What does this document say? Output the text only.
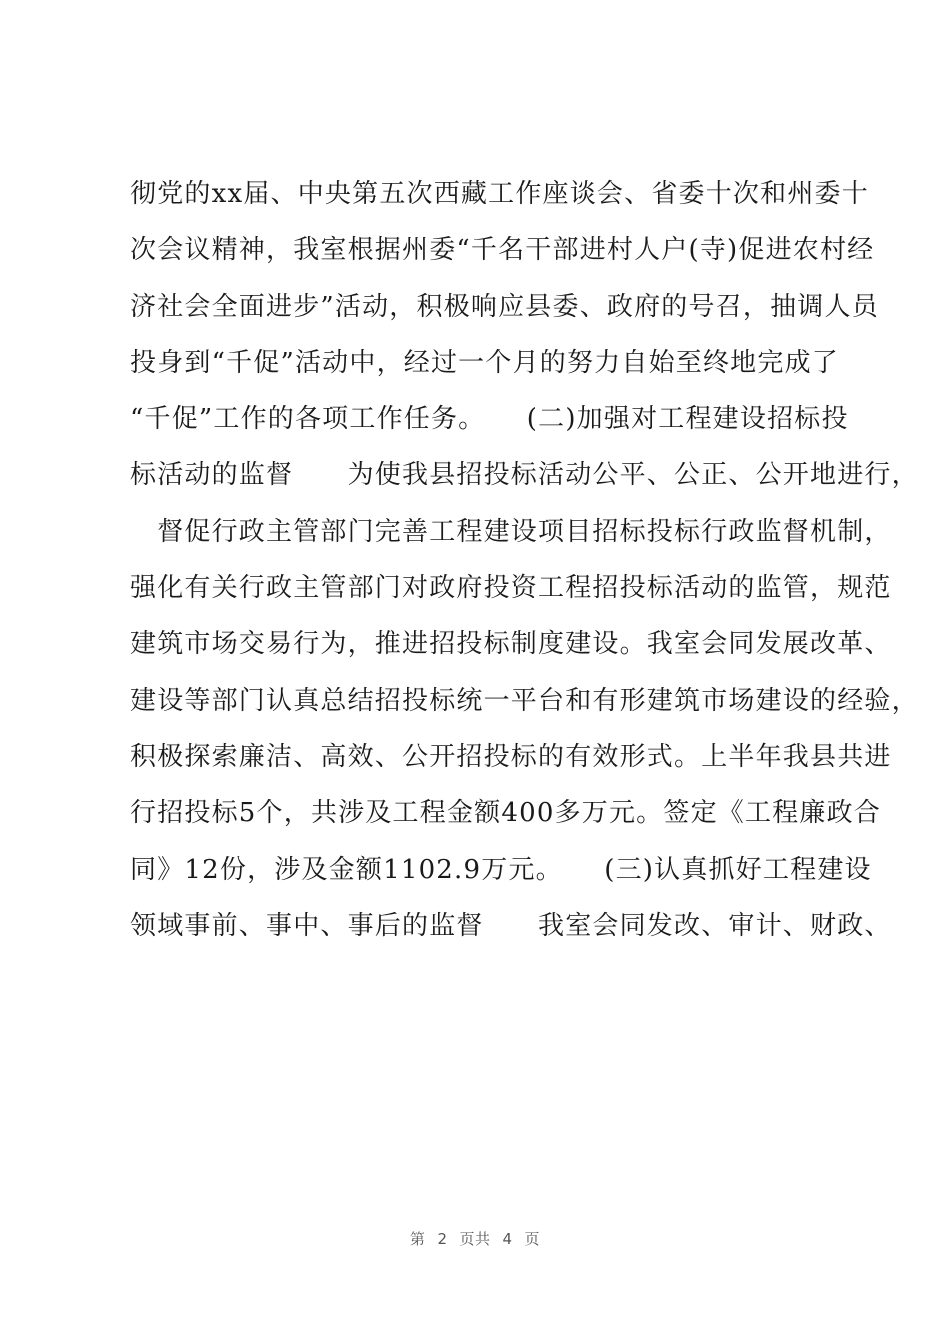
彻党的xx届、中央第五次西藏工作座谈会、省委十次和州委十
次会议精神，我室根据州委“千名干部进村人户(寺)促进农村经
济社会全面进步”活动，积极响应县委、政府的号召，抽调人员
投身到“千促”活动中，经过一个月的努力自始至终地完成了
“千促”工作的各项工作任务。　　(二)加强对工程建设招标投
标活动的监督　　为使我县招投标活动公平、公正、公开地进行，
　督促行政主管部门完善工程建设项目招标投标行政监督机制，
强化有关行政主管部门对政府投资工程招投标活动的监管，规范
建筑市场交易行为，推进招投标制度建设。我室会同发展改革、
建设等部门认真总结招投标统一平台和有形建筑市场建设的经验，
积极探索廉洁、高效、公开招投标的有效形式。上半年我县共进
行招投标5个，共涉及工程金额400多万元。签定《工程廉政合
同》12份，涉及金额1102.9万元。　　(三)认真抓好工程建设
领域事前、事中、事后的监督　　我室会同发改、审计、财政、
第 2 页共 4 页
